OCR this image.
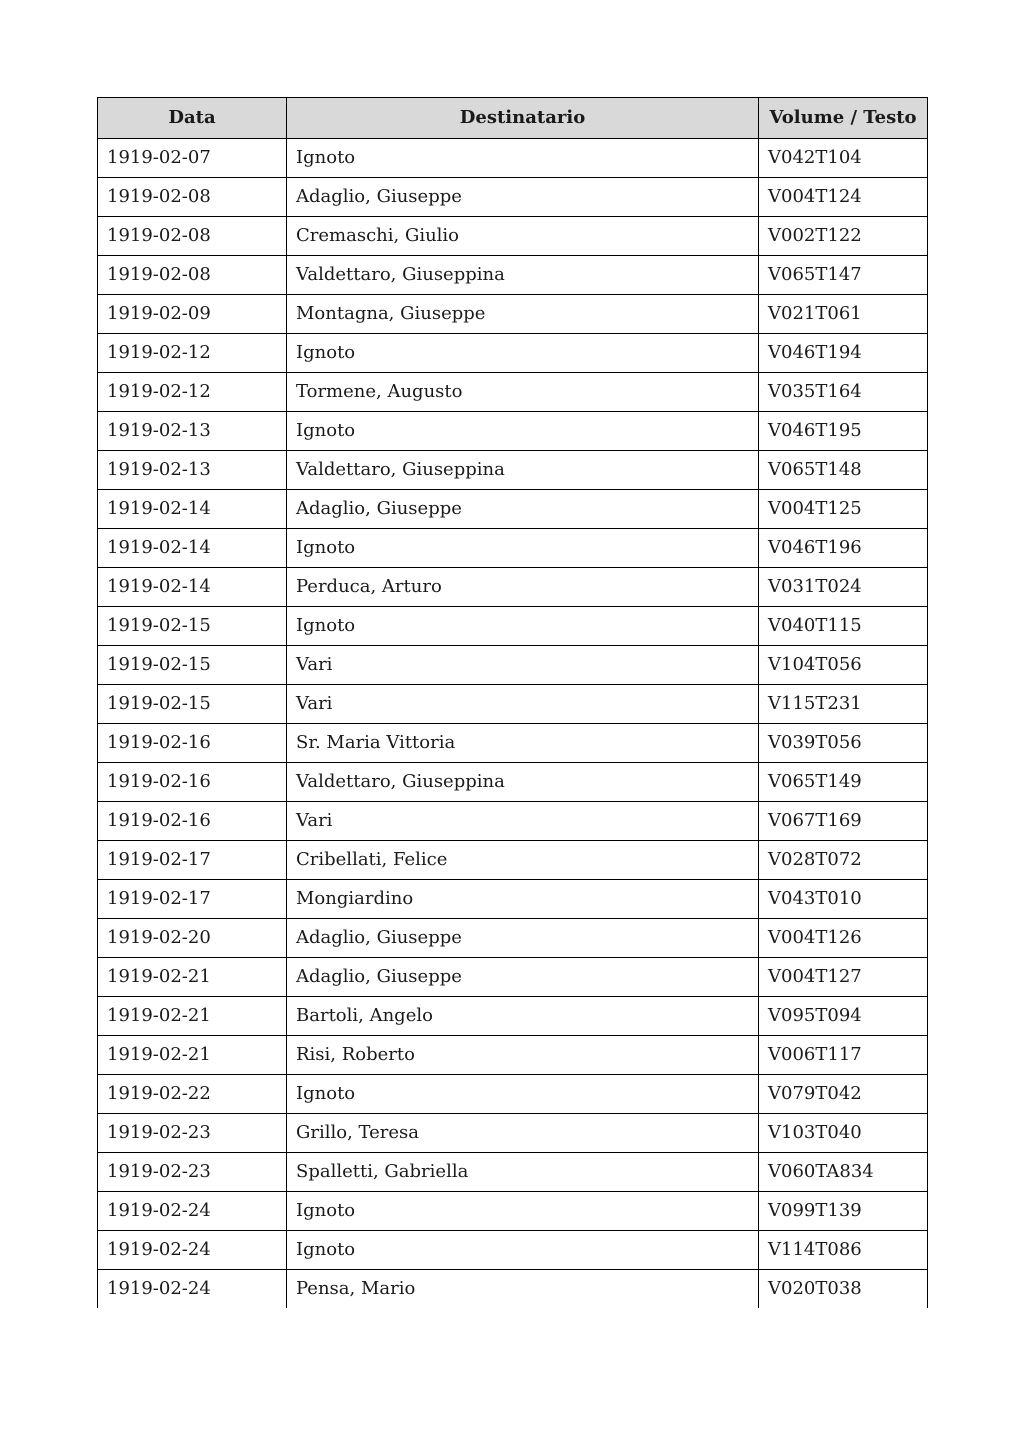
Data	Destinatario	Volume / Testo
1919-02-07	Ignoto	V042T104
1919-02-08	Adaglio, Giuseppe	V004T124
1919-02-08	Cremaschi, Giulio	V002T122
1919-02-08	Valdettaro, Giuseppina	V065T147
1919-02-09	Montagna, Giuseppe	V021T061
1919-02-12	Ignoto	V046T194
1919-02-12	Tormene, Augusto	V035T164
1919-02-13	Ignoto	V046T195
1919-02-13	Valdettaro, Giuseppina	V065T148
1919-02-14	Adaglio, Giuseppe	V004T125
1919-02-14	Ignoto	V046T196
1919-02-14	Perduca, Arturo	V031T024
1919-02-15	Ignoto	V040T115
1919-02-15	Vari	V104T056
1919-02-15	Vari	V115T231
1919-02-16	Sr. Maria Vittoria	V039T056
1919-02-16	Valdettaro, Giuseppina	V065T149
1919-02-16	Vari	V067T169
1919-02-17	Cribellati, Felice	V028T072
1919-02-17	Mongiardino	V043T010
1919-02-20	Adaglio, Giuseppe	V004T126
1919-02-21	Adaglio, Giuseppe	V004T127
1919-02-21	Bartoli, Angelo	V095T094
1919-02-21	Risi, Roberto	V006T117
1919-02-22	Ignoto	V079T042
1919-02-23	Grillo, Teresa	V103T040
1919-02-23	Spalletti, Gabriella	V060TA834
1919-02-24	Ignoto	V099T139
1919-02-24	Ignoto	V114T086
1919-02-24	Pensa, Mario	V020T038
